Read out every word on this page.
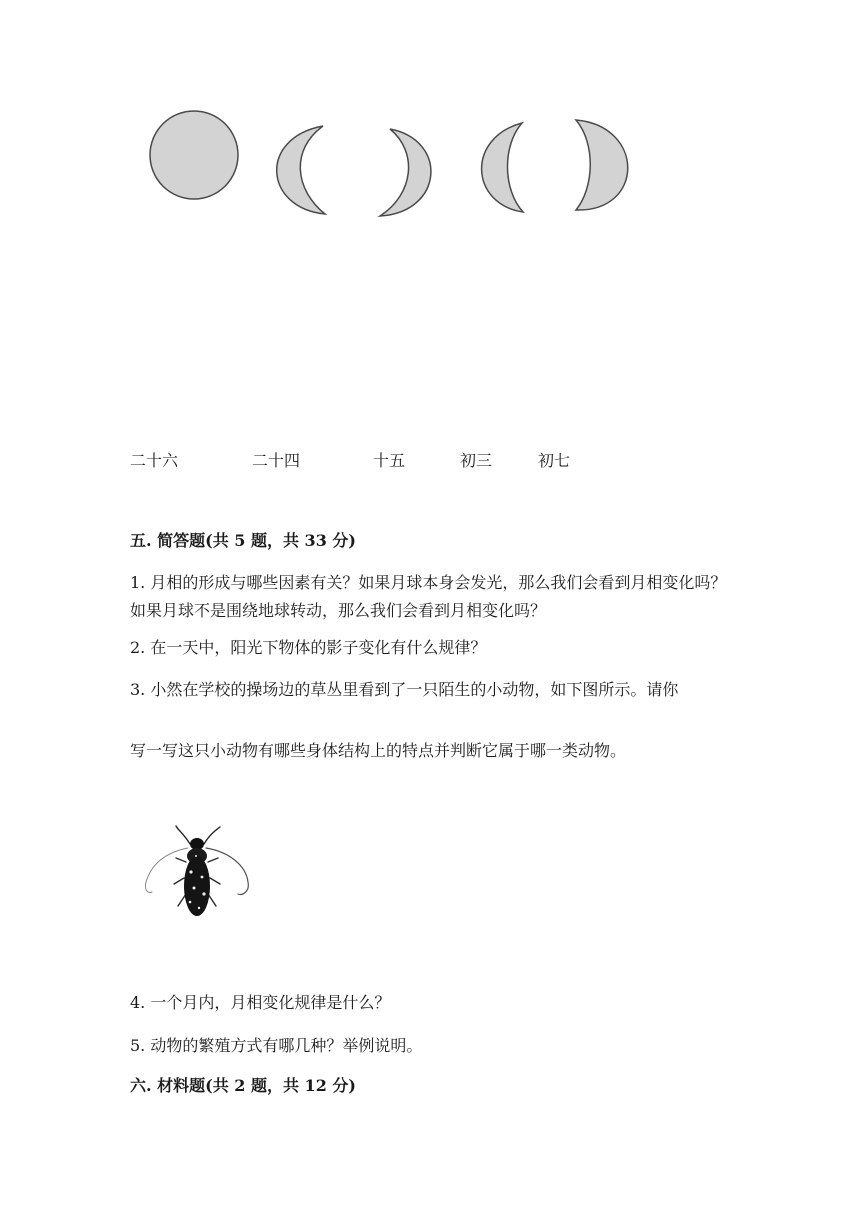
二十六	二十四	十五	初三	初七
五. 简答题(共 5 题，共 33 分)
1. 月相的形成与哪些因素有关？如果月球本身会发光，那么我们会看到月相变化吗？如果月球不是围绕地球转动，那么我们会看到月相变化吗？
2. 在一天中，阳光下物体的影子变化有什么规律？
3. 小然在学校的操场边的草丛里看到了一只陌生的小动物，如下图所示。请你
写一写这只小动物有哪些身体结构上的特点并判断它属于哪一类动物。
4. 一个月内，月相变化规律是什么？
5. 动物的繁殖方式有哪几种？举例说明。
六. 材料题(共 2 题，共 12 分)
